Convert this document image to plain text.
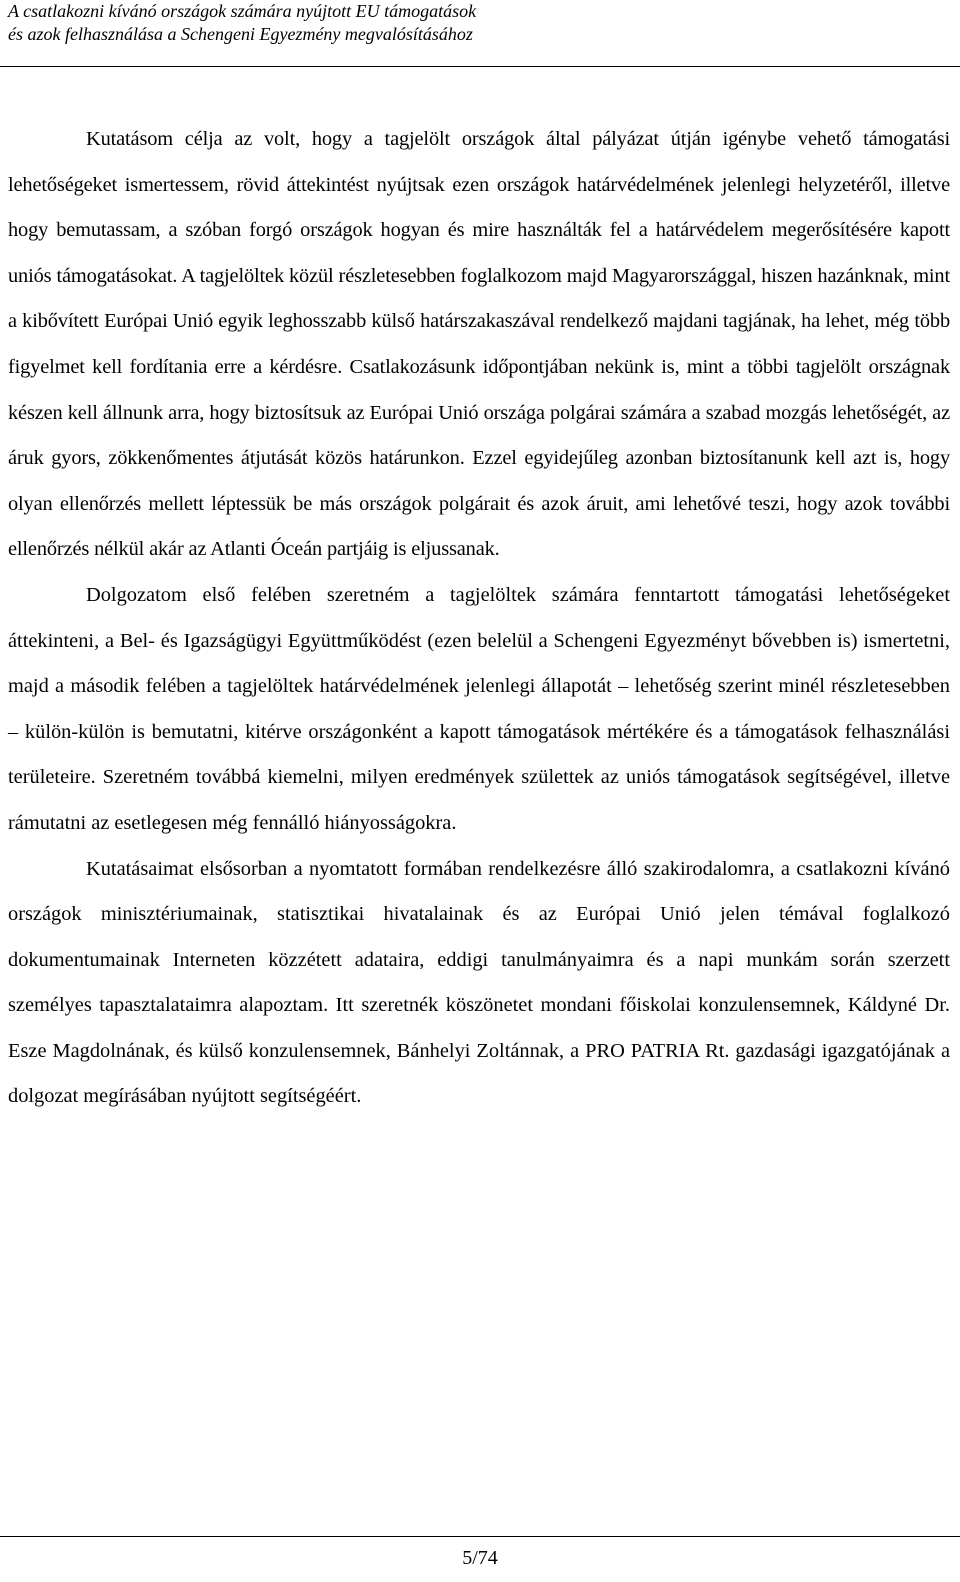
A csatlakozni kívánó országok számára nyújtott EU támogatások
és azok felhasználása a Schengeni Egyezmény megvalósításához

Kutatásom célja az volt, hogy a tagjelölt országok által pályázat útján igénybe vehető támogatási lehetőségeket ismertessem, rövid áttekintést nyújtsak ezen országok határvédelmének jelenlegi helyzetéről, illetve hogy bemutassam, a szóban forgó országok hogyan és mire használták fel a határvédelem megerősítésére kapott uniós támogatásokat. A tagjelöltek közül részletesebben foglalkozom majd Magyarországgal, hiszen hazánknak, mint a kibővített Európai Unió egyik leghosszabb külső határszakaszával rendelkező majdani tagjának, ha lehet, még több figyelmet kell fordítania erre a kérdésre. Csatlakozásunk időpontjában nekünk is, mint a többi tagjelölt országnak készen kell állnunk arra, hogy biztosítsuk az Európai Unió országa polgárai számára a szabad mozgás lehetőségét, az áruk gyors, zökkenőmentes átjutását közös határunkon. Ezzel egyidejűleg azonban biztosítanunk kell azt is, hogy olyan ellenőrzés mellett léptessük be más országok polgárait és azok áruit, ami lehetővé teszi, hogy azok további ellenőrzés nélkül akár az Atlanti Óceán partjáig is eljussanak.

Dolgozatom első felében szeretném a tagjelöltek számára fenntartott támogatási lehetőségeket áttekinteni, a Bel- és Igazságügyi Együttműködést (ezen belelül a Schengeni Egyezményt bővebben is) ismertetni, majd a második felében a tagjelöltek határvédelmének jelenlegi állapotát – lehetőség szerint minél részletesebben – külön-külön is bemutatni, kitérve országonként a kapott támogatások mértékére és a támogatások felhasználási területeire. Szeretném továbbá kiemelni, milyen eredmények születtek az uniós támogatások segítségével, illetve rámutatni az esetlegesen még fennálló hiányosságokra.

Kutatásaimat elsősorban a nyomtatott formában rendelkezésre álló szakirodalomra, a csatlakozni kívánó országok minisztériumainak, statisztikai hivatalainak és az Európai Unió jelen témával foglalkozó dokumentumainak Interneten közzétett adataira, eddigi tanulmányaimra és a napi munkám során szerzett személyes tapasztalataimra alapoztam. Itt szeretnék köszönetet mondani főiskolai konzulensemnek, Káldyné Dr. Esze Magdolnának, és külső konzulensemnek, Bánhelyi Zoltánnak, a PRO PATRIA Rt. gazdasági igazgatójának a dolgozat megírásában nyújtott segítségéért.

5/74
